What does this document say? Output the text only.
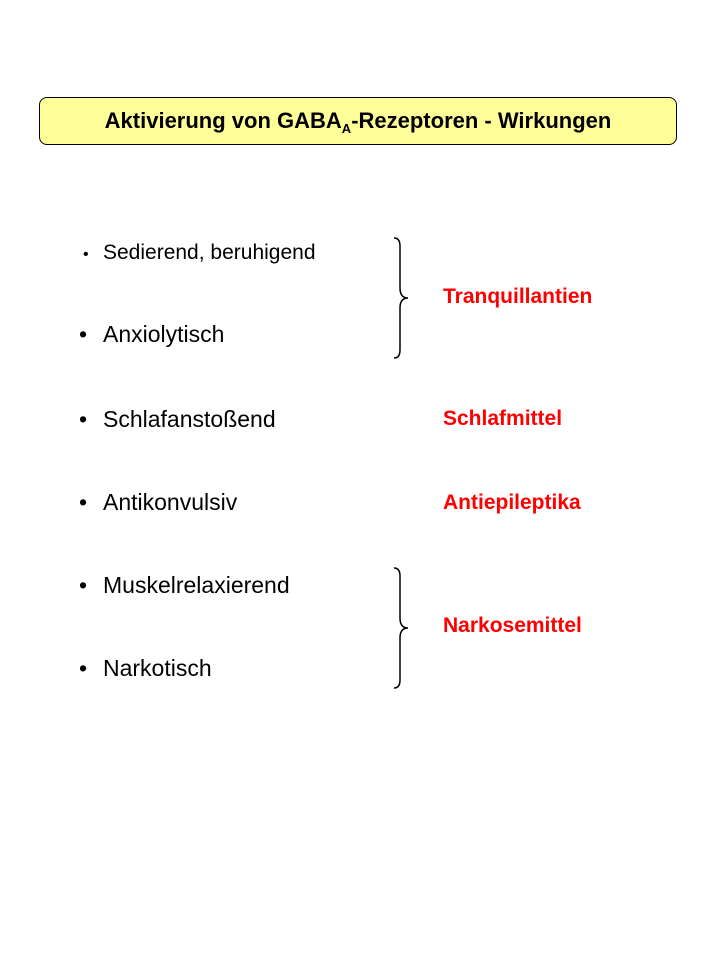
Aktivierung von $GABA_A$-Rezeptoren - Wirkungen
• Sedierend, beruhigend
• Anxiolytisch
• Schlafanstoßend
• Antikonvulsiv
• Muskelrelaxierend
• Narkotisch
Tranquillantien
Schlafmittel
Antiepileptika
Narkosemittel
